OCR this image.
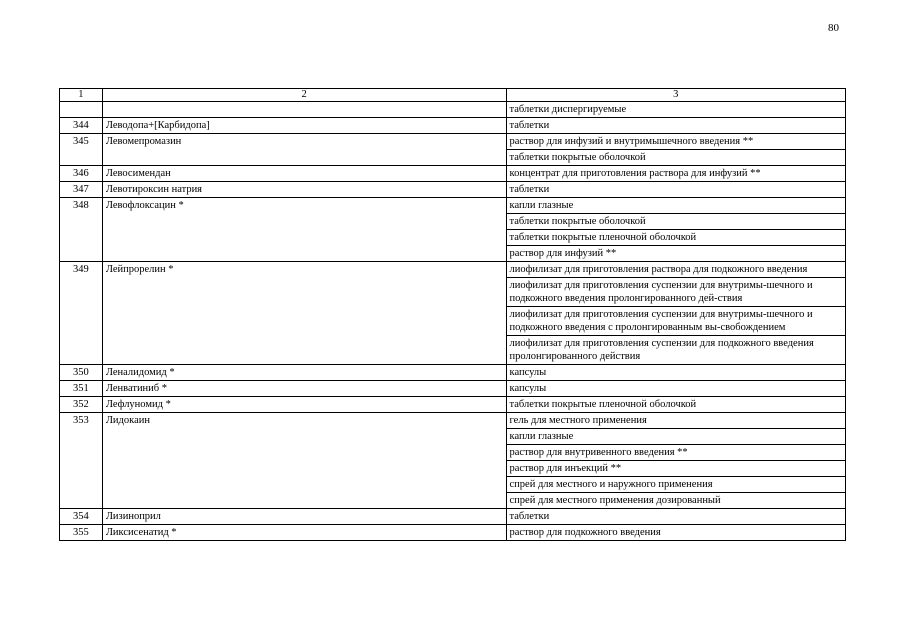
80
1	2	3
		таблетки диспергируемые
344	Леводопа+[Карбидопа]	таблетки
345	Левомепромазин	раствор для инфузий и внутримышечного введения **
		таблетки покрытые оболочкой
346	Левосимендан	концентрат для приготовления раствора для инфузий **
347	Левотироксин натрия	таблетки
348	Левофлоксацин *	капли глазные
		таблетки покрытые оболочкой
		таблетки покрытые пленочной оболочкой
		раствор для инфузий **
349	Лейпрорелин *	лиофилизат для приготовления раствора для подкожного введения
		лиофилизат для приготовления суспензии для внутримы-шечного и подкожного введения пролонгированного дей-ствия
		лиофилизат для приготовления суспензии для внутримы-шечного и подкожного введения с пролонгированным вы-свобождением
		лиофилизат для приготовления суспензии для подкожного введения пролонгированного действия
350	Леналидомид *	капсулы
351	Ленватиниб *	капсулы
352	Лефлуномид *	таблетки покрытые пленочной оболочкой
353	Лидокаин	гель для местного применения
		капли глазные
		раствор для внутривенного введения **
		раствор для инъекций **
		спрей для местного и наружного применения
		спрей для местного применения дозированный
354	Лизиноприл	таблетки
355	Ликсисенатид *	раствор для подкожного введения
